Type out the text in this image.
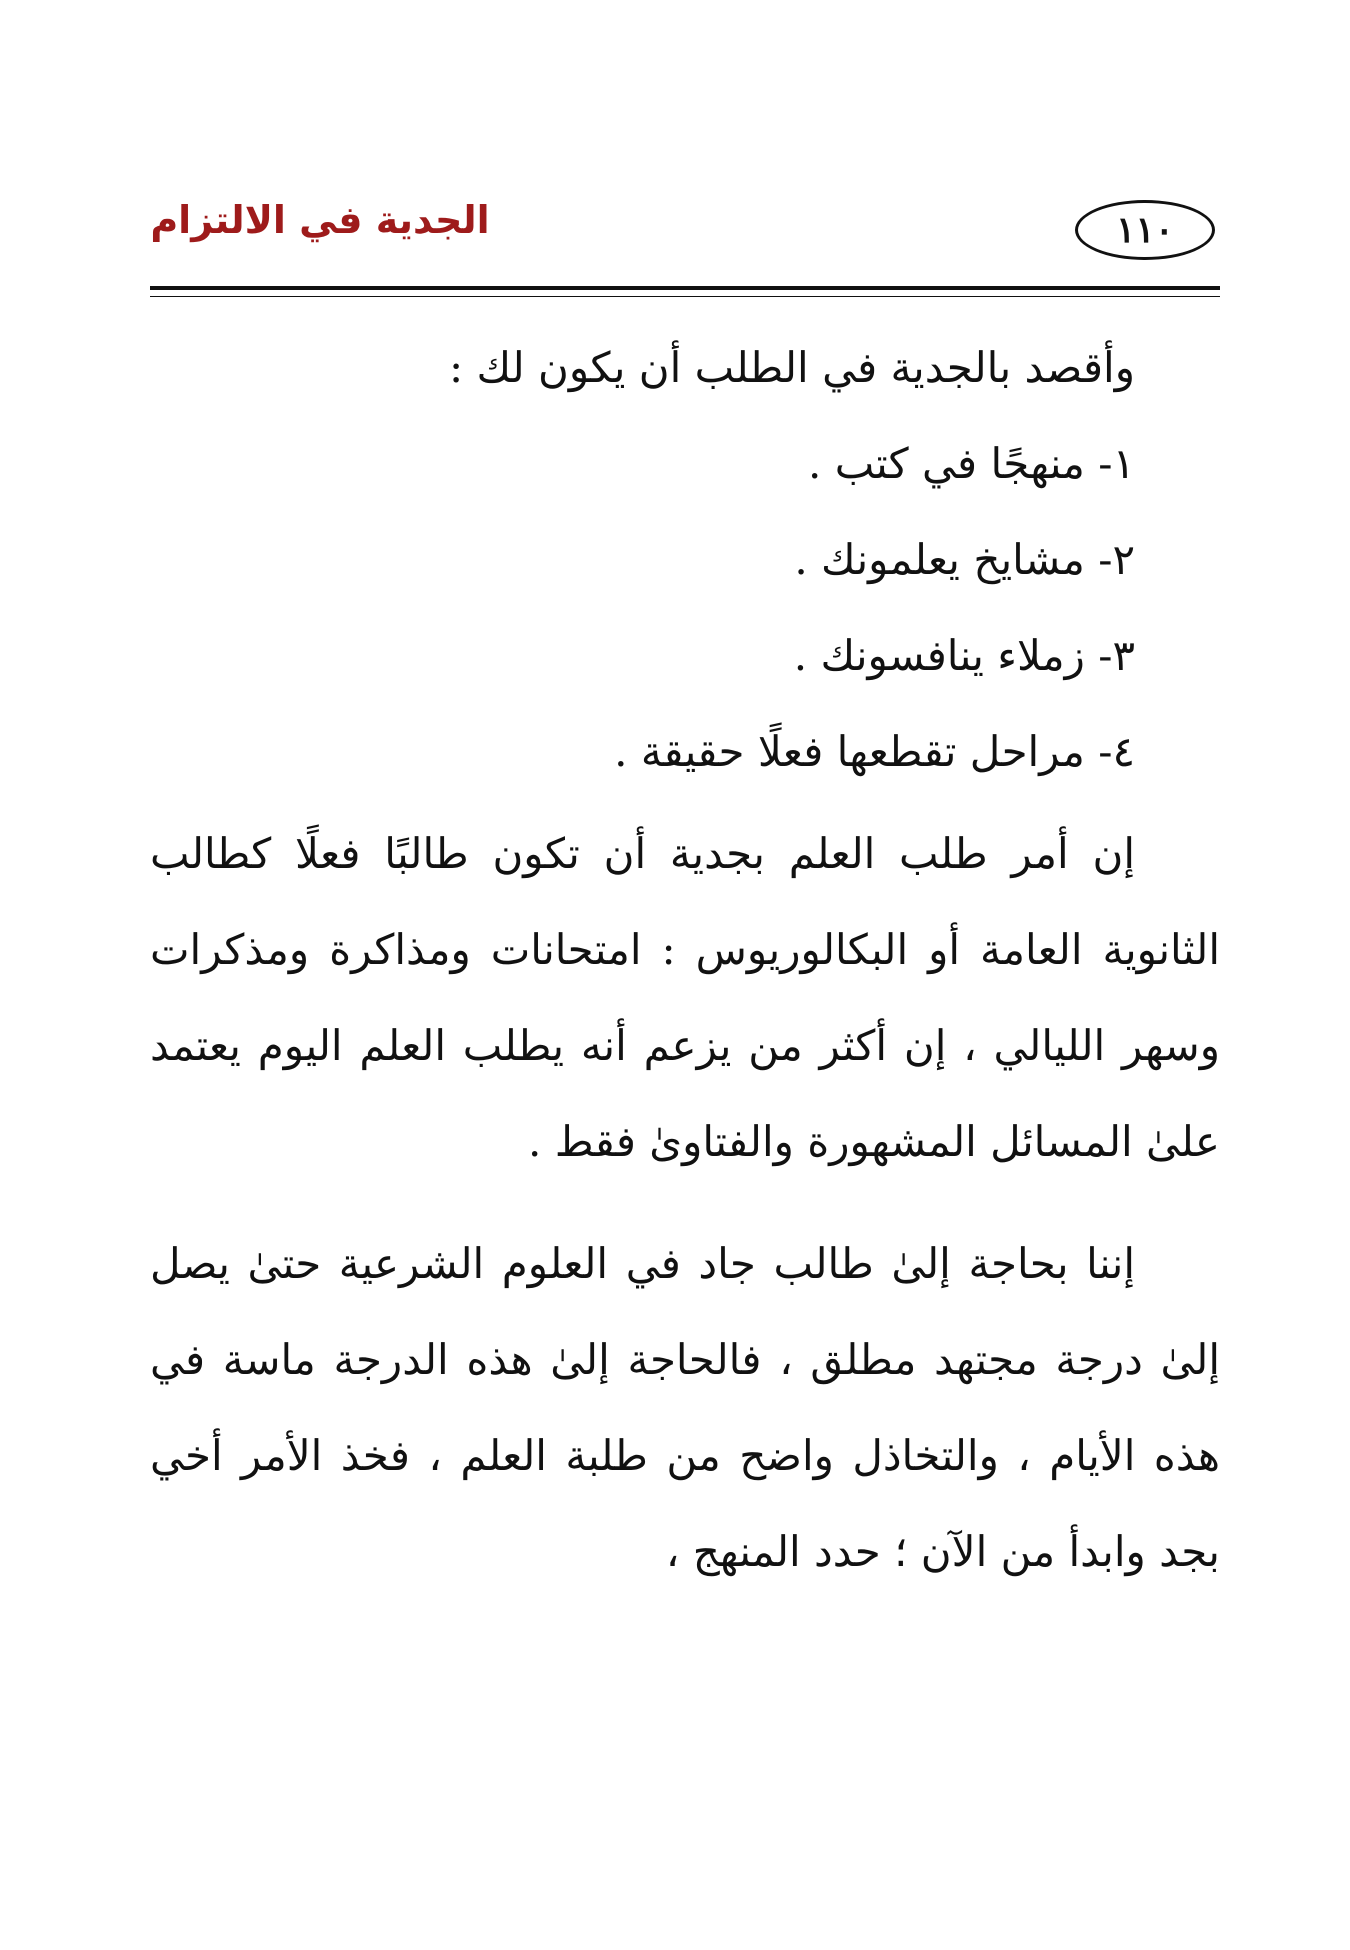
١١٠
الجدية في الالتزام

وأقصد بالجدية في الطلب أن يكون لك :

١- منهجًا في كتب .
٢- مشايخ يعلمونك .
٣- زملاء ينافسونك .
٤- مراحل تقطعها فعلًا حقيقة .

إن أمر طلب العلم بجدية أن تكون طالبًا فعلًا كطالب الثانوية العامة أو البكالوريوس : امتحانات ومذاكرة ومذكرات وسهر الليالي ، إن أكثر من يزعم أنه يطلب العلم اليوم يعتمد علىٰ المسائل المشهورة والفتاوىٰ فقط .

إننا بحاجة إلىٰ طالب جاد في العلوم الشرعية حتىٰ يصل إلىٰ درجة مجتهد مطلق ، فالحاجة إلىٰ هذه الدرجة ماسة في هذه الأيام ، والتخاذل واضح من طلبة العلم ، فخذ الأمر أخي بجد وابدأ من الآن ؛ حدد المنهج ،
